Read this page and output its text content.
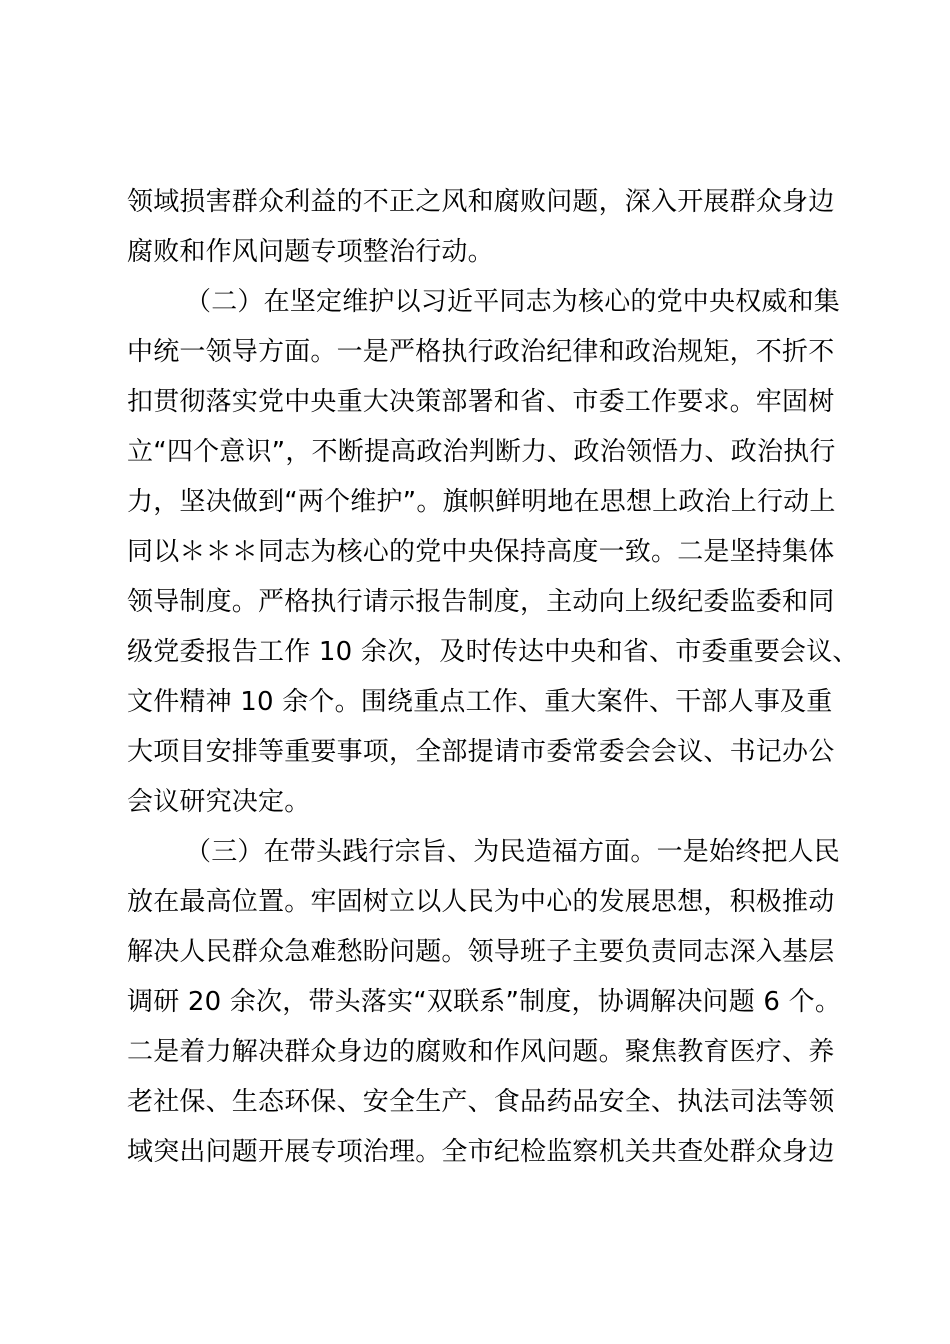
领域损害群众利益的不正之风和腐败问题，深入开展群众身边
腐败和作风问题专项整治行动。
（二）在坚定维护以习近平同志为核心的党中央权威和集
中统一领导方面。一是严格执行政治纪律和政治规矩，不折不
扣贯彻落实党中央重大决策部署和省、市委工作要求。牢固树
立“四个意识”，不断提高政治判断力、政治领悟力、政治执行
力，坚决做到“两个维护”。旗帜鲜明地在思想上政治上行动上
同以＊＊＊同志为核心的党中央保持高度一致。二是坚持集体
领导制度。严格执行请示报告制度，主动向上级纪委监委和同
级党委报告工作 10 余次，及时传达中央和省、市委重要会议、
文件精神 10 余个。围绕重点工作、重大案件、干部人事及重
大项目安排等重要事项，全部提请市委常委会会议、书记办公
会议研究决定。
（三）在带头践行宗旨、为民造福方面。一是始终把人民
放在最高位置。牢固树立以人民为中心的发展思想，积极推动
解决人民群众急难愁盼问题。领导班子主要负责同志深入基层
调研 20 余次，带头落实“双联系”制度，协调解决问题 6 个。
二是着力解决群众身边的腐败和作风问题。聚焦教育医疗、养
老社保、生态环保、安全生产、食品药品安全、执法司法等领
域突出问题开展专项治理。全市纪检监察机关共查处群众身边
